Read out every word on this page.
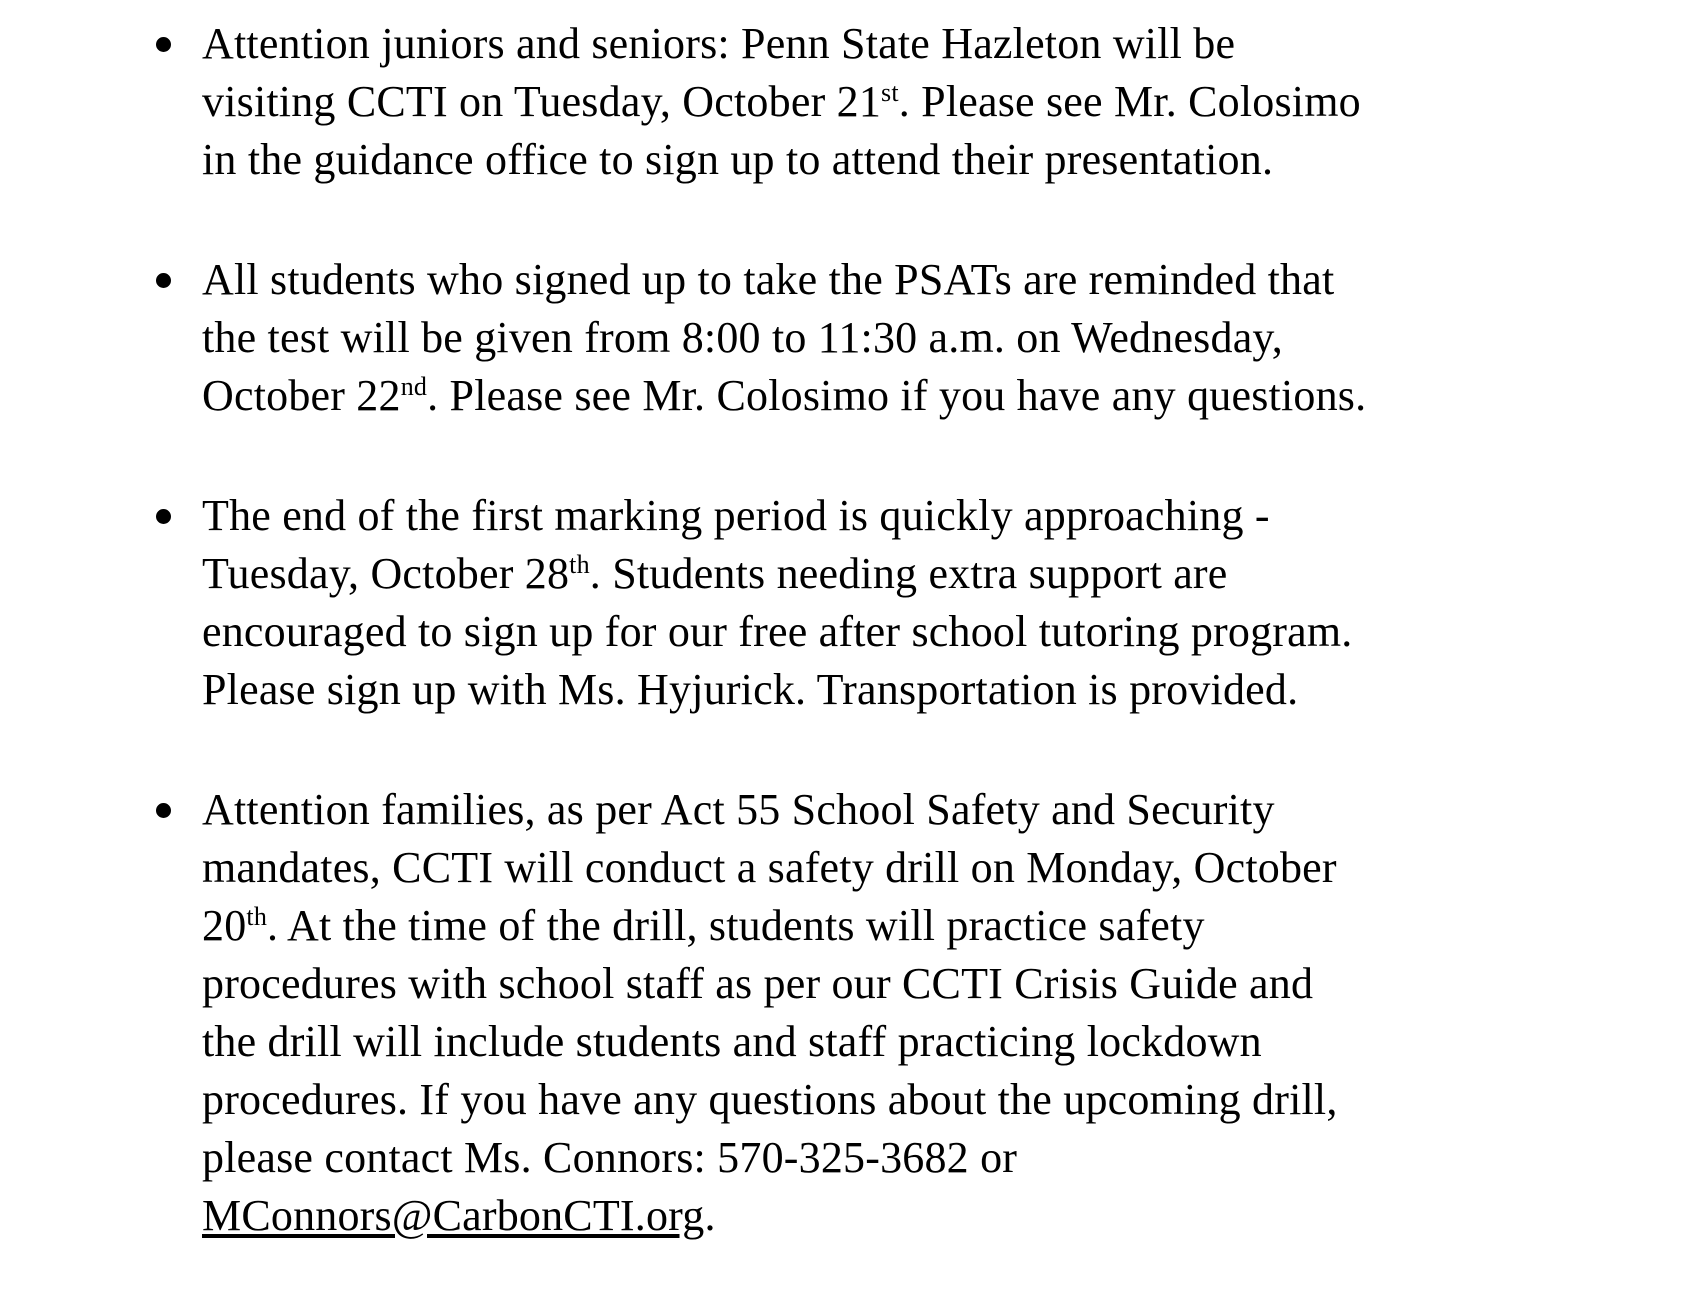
Attention juniors and seniors: Penn State Hazleton will be
visiting CCTI on Tuesday, October 21st. Please see Mr. Colosimo
in the guidance office to sign up to attend their presentation.
All students who signed up to take the PSATs are reminded that
the test will be given from 8:00 to 11:30 a.m. on Wednesday,
October 22nd. Please see Mr. Colosimo if you have any questions.
The end of the first marking period is quickly approaching -
Tuesday, October 28th. Students needing extra support are
encouraged to sign up for our free after school tutoring program.
Please sign up with Ms. Hyjurick. Transportation is provided.
Attention families, as per Act 55 School Safety and Security
mandates, CCTI will conduct a safety drill on Monday, October
20th. At the time of the drill, students will practice safety
procedures with school staff as per our CCTI Crisis Guide and
the drill will include students and staff practicing lockdown
procedures. If you have any questions about the upcoming drill,
please contact Ms. Connors: 570-325-3682 or
MConnors@CarbonCTI.org.
